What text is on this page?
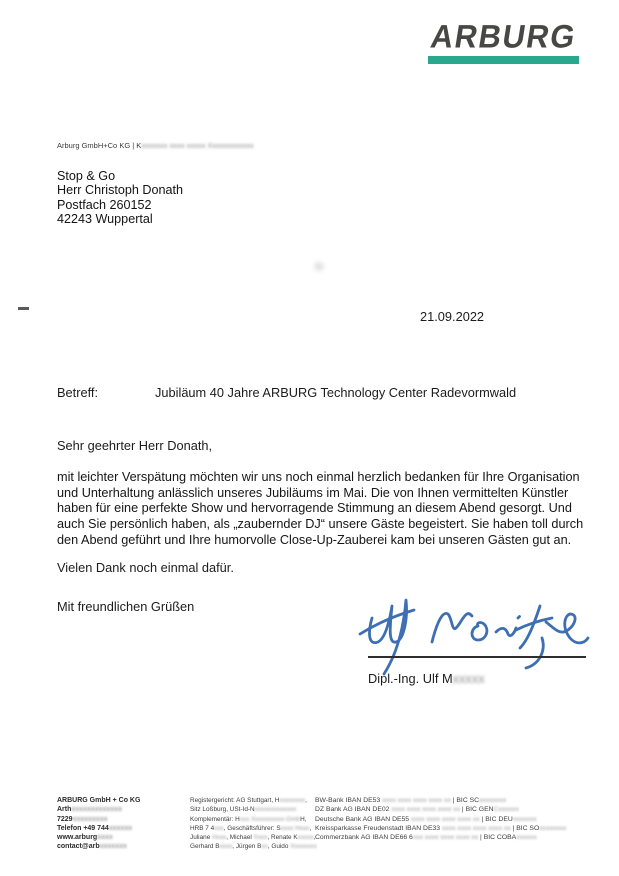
ARBURG
Arburg GmbH+Co KG | Kxxxxxxx xxxx xxxxx Xxxxxxxxxxxx
Stop & Go
Herr Christoph Donath
Postfach 260152
42243 Wuppertal
21.09.2022
Betreff:	Jubiläum 40 Jahre ARBURG Technology Center Radevormwald
Sehr geehrter Herr Donath,
mit leichter Verspätung möchten wir uns noch einmal herzlich bedanken für Ihre Organisation
und Unterhaltung anlässlich unseres Jubiläums im Mai. Die von Ihnen vermittelten Künstler
haben für eine perfekte Show und hervorragende Stimmung an diesem Abend gesorgt. Und
auch Sie persönlich haben, als „zaubernder DJ“ unsere Gäste begeistert. Sie haben toll durch
den Abend geführt und Ihre humorvolle Close-Up-Zauberei kam bei unseren Gästen gut an.
Vielen Dank noch einmal dafür.
Mit freundlichen Grüßen
Dipl.-Ing. Ulf Mxxxxx
ARBURG GmbH + Co KG
Arthxxxxxxxxxxxxx
7229xxxxxxxxx
Telefon +49 744xxxxxx
www.arburgxxxx
contact@arbxxxxxxx
Registergericht: AG Stuttgart, Hxxxxxxxx,
Sitz Loßburg, USt-Id-Nxxxxxxxxxxxxx
Komplementär: Hxxx Xxxxxxxxxx-GmbH,
HRB 7 4xxx, Geschäftsführer: Sxxxx Hxxx,
Juliane Hxxx, Michael Xxxx, Renate Kxxxxx,
Gerhard Bxxxx, Jürgen Bxx, Guido Xxxxxxxx
BW-Bank IBAN DE53 xxxx xxxx xxxx xxxx xx | BIC SCxxxxxxxx
DZ Bank AG IBAN DE02 xxxx xxxx xxxx xxxx xx | BIC GENCxxxxxx
Deutsche Bank AG IBAN DE55 xxxx xxxx xxxx xxxx xx | BIC DEUxxxxxxx
Kreissparkasse Freudenstadt IBAN DE33 xxxx xxxx xxxx xxxx xx | BIC SOxxxxxxxx
Commerzbank AG IBAN DE66 6xxx xxxx xxxx xxxx xx | BIC COBAxxxxxx
